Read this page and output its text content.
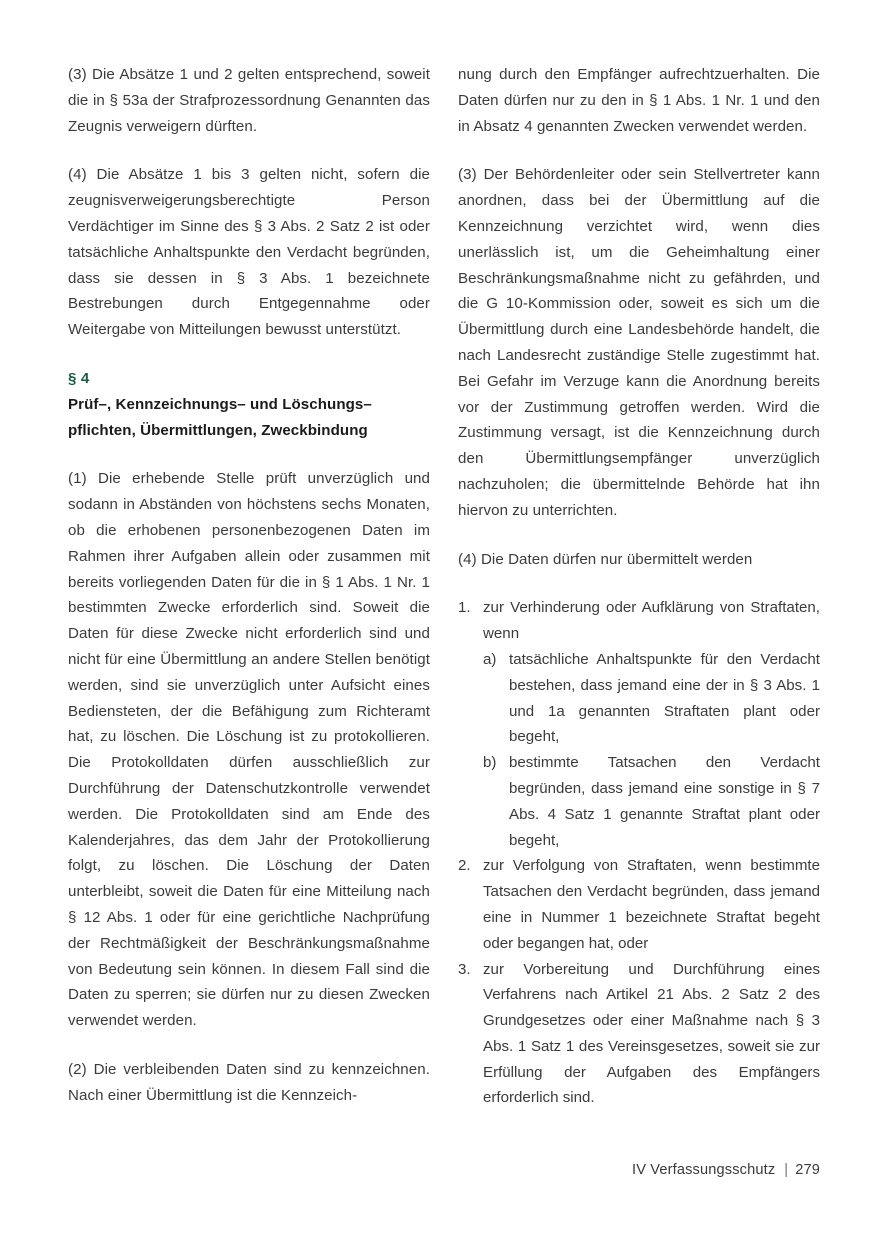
(3) Die Absätze 1 und 2 gelten entsprechend, soweit die in § 53a der Strafprozessordnung Genannten das Zeugnis verweigern dürften.

(4) Die Absätze 1 bis 3 gelten nicht, sofern die zeugnisverweigerungsberechtigte Person Verdächtiger im Sinne des § 3 Abs. 2 Satz 2 ist oder tatsächliche Anhaltspunkte den Verdacht begründen, dass sie dessen in § 3 Abs. 1 bezeichnete Bestrebungen durch Entgegennahme oder Weitergabe von Mitteilungen bewusst unterstützt.

§ 4
Prüf–, Kennzeichnungs– und Löschungs–
pflichten, Übermittlungen, Zweckbindung

(1) Die erhebende Stelle prüft unverzüglich und sodann in Abständen von höchstens sechs Monaten, ob die erhobenen personenbezogenen Daten im Rahmen ihrer Aufgaben allein oder zusammen mit bereits vorliegenden Daten für die in § 1 Abs. 1 Nr. 1 bestimmten Zwecke erforderlich sind. Soweit die Daten für diese Zwecke nicht erforderlich sind und nicht für eine Übermittlung an andere Stellen benötigt werden, sind sie unverzüglich unter Aufsicht eines Bediensteten, der die Befähigung zum Richteramt hat, zu löschen. Die Löschung ist zu protokollieren. Die Protokolldaten dürfen ausschließlich zur Durchführung der Datenschutzkontrolle verwendet werden. Die Protokolldaten sind am Ende des Kalenderjahres, das dem Jahr der Protokollierung folgt, zu löschen. Die Löschung der Daten unterbleibt, soweit die Daten für eine Mitteilung nach § 12 Abs. 1 oder für eine gerichtliche Nachprüfung der Rechtmäßigkeit der Beschränkungsmaßnahme von Bedeutung sein können. In diesem Fall sind die Daten zu sperren; sie dürfen nur zu diesen Zwecken verwendet werden.

(2) Die verbleibenden Daten sind zu kennzeichnen. Nach einer Übermittlung ist die Kennzeich-

nung durch den Empfänger aufrechtzuerhalten. Die Daten dürfen nur zu den in § 1 Abs. 1 Nr. 1 und den in Absatz 4 genannten Zwecken verwendet werden.

(3) Der Behördenleiter oder sein Stellvertreter kann anordnen, dass bei der Übermittlung auf die Kennzeichnung verzichtet wird, wenn dies unerlässlich ist, um die Geheimhaltung einer Beschränkungsmaßnahme nicht zu gefährden, und die G 10-Kommission oder, soweit es sich um die Übermittlung durch eine Landesbehörde handelt, die nach Landesrecht zuständige Stelle zugestimmt hat. Bei Gefahr im Verzuge kann die Anordnung bereits vor der Zustimmung getroffen werden. Wird die Zustimmung versagt, ist die Kennzeichnung durch den Übermittlungsempfänger unverzüglich nachzuholen; die übermittelnde Behörde hat ihn hiervon zu unterrichten.

(4) Die Daten dürfen nur übermittelt werden

1. zur Verhinderung oder Aufklärung von Straftaten, wenn
a) tatsächliche Anhaltspunkte für den Verdacht bestehen, dass jemand eine der in § 3 Abs. 1 und 1a genannten Straftaten plant oder begeht,
b) bestimmte Tatsachen den Verdacht begründen, dass jemand eine sonstige in § 7 Abs. 4 Satz 1 genannte Straftat plant oder begeht,
2. zur Verfolgung von Straftaten, wenn bestimmte Tatsachen den Verdacht begründen, dass jemand eine in Nummer 1 bezeichnete Straftat begeht oder begangen hat, oder
3. zur Vorbereitung und Durchführung eines Verfahrens nach Artikel 21 Abs. 2 Satz 2 des Grundgesetzes oder einer Maßnahme nach § 3 Abs. 1 Satz 1 des Vereinsgesetzes, soweit sie zur Erfüllung der Aufgaben des Empfängers erforderlich sind.
IV Verfassungsschutz | 279
